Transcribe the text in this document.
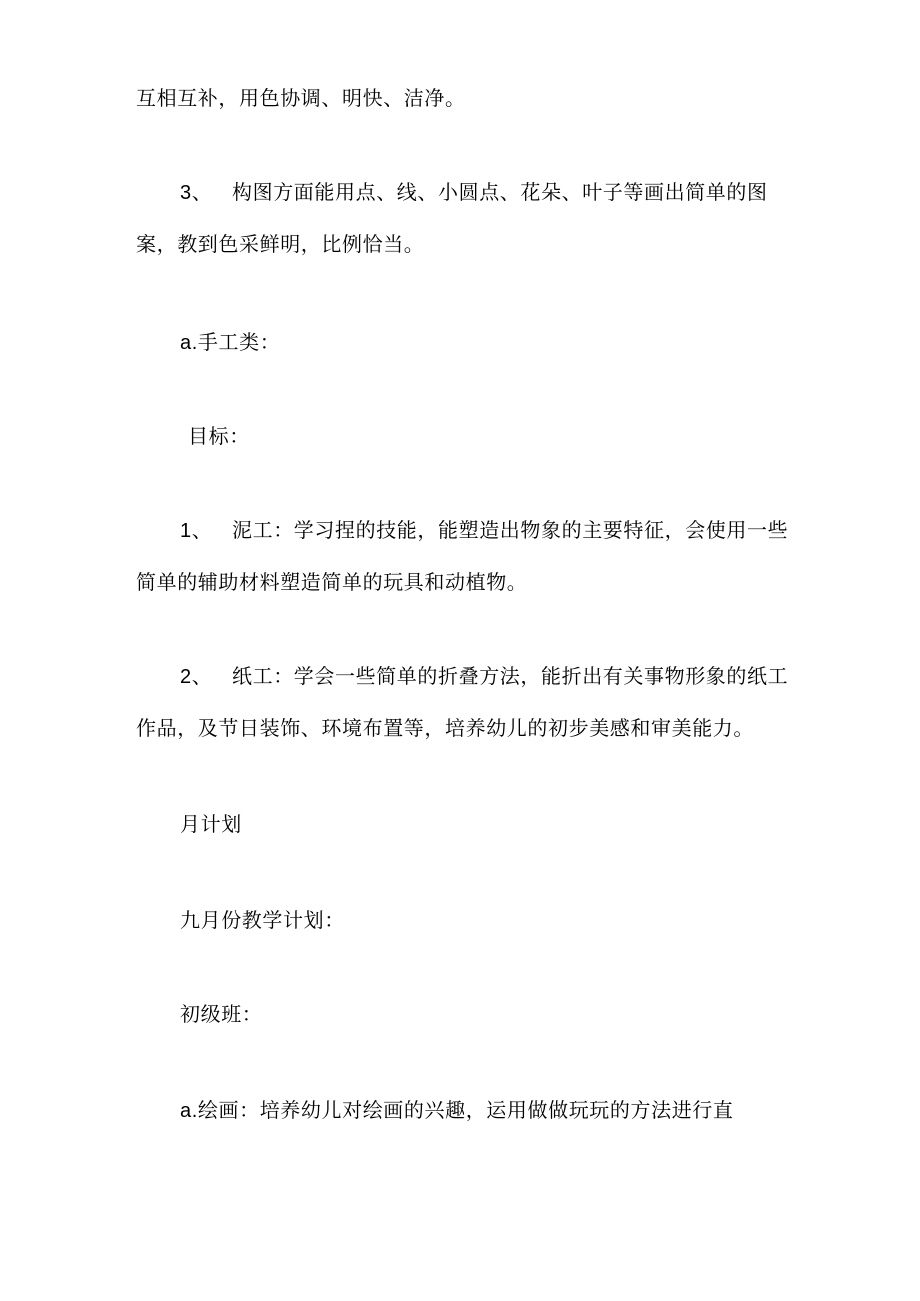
互相互补，用色协调、明快、洁净。
3、 构图方面能用点、线、小圆点、花朵、叶子等画出简单的图
案，教到色采鲜明，比例恰当。
a.手工类：
目标：
1、 泥工：学习捏的技能，能塑造出物象的主要特征，会使用一些
简单的辅助材料塑造简单的玩具和动植物。
2、 纸工：学会一些简单的折叠方法，能折出有关事物形象的纸工
作品，及节日装饰、环境布置等，培养幼儿的初步美感和审美能力。
月计划
九月份教学计划：
初级班：
a.绘画：培养幼儿对绘画的兴趣，运用做做玩玩的方法进行直
